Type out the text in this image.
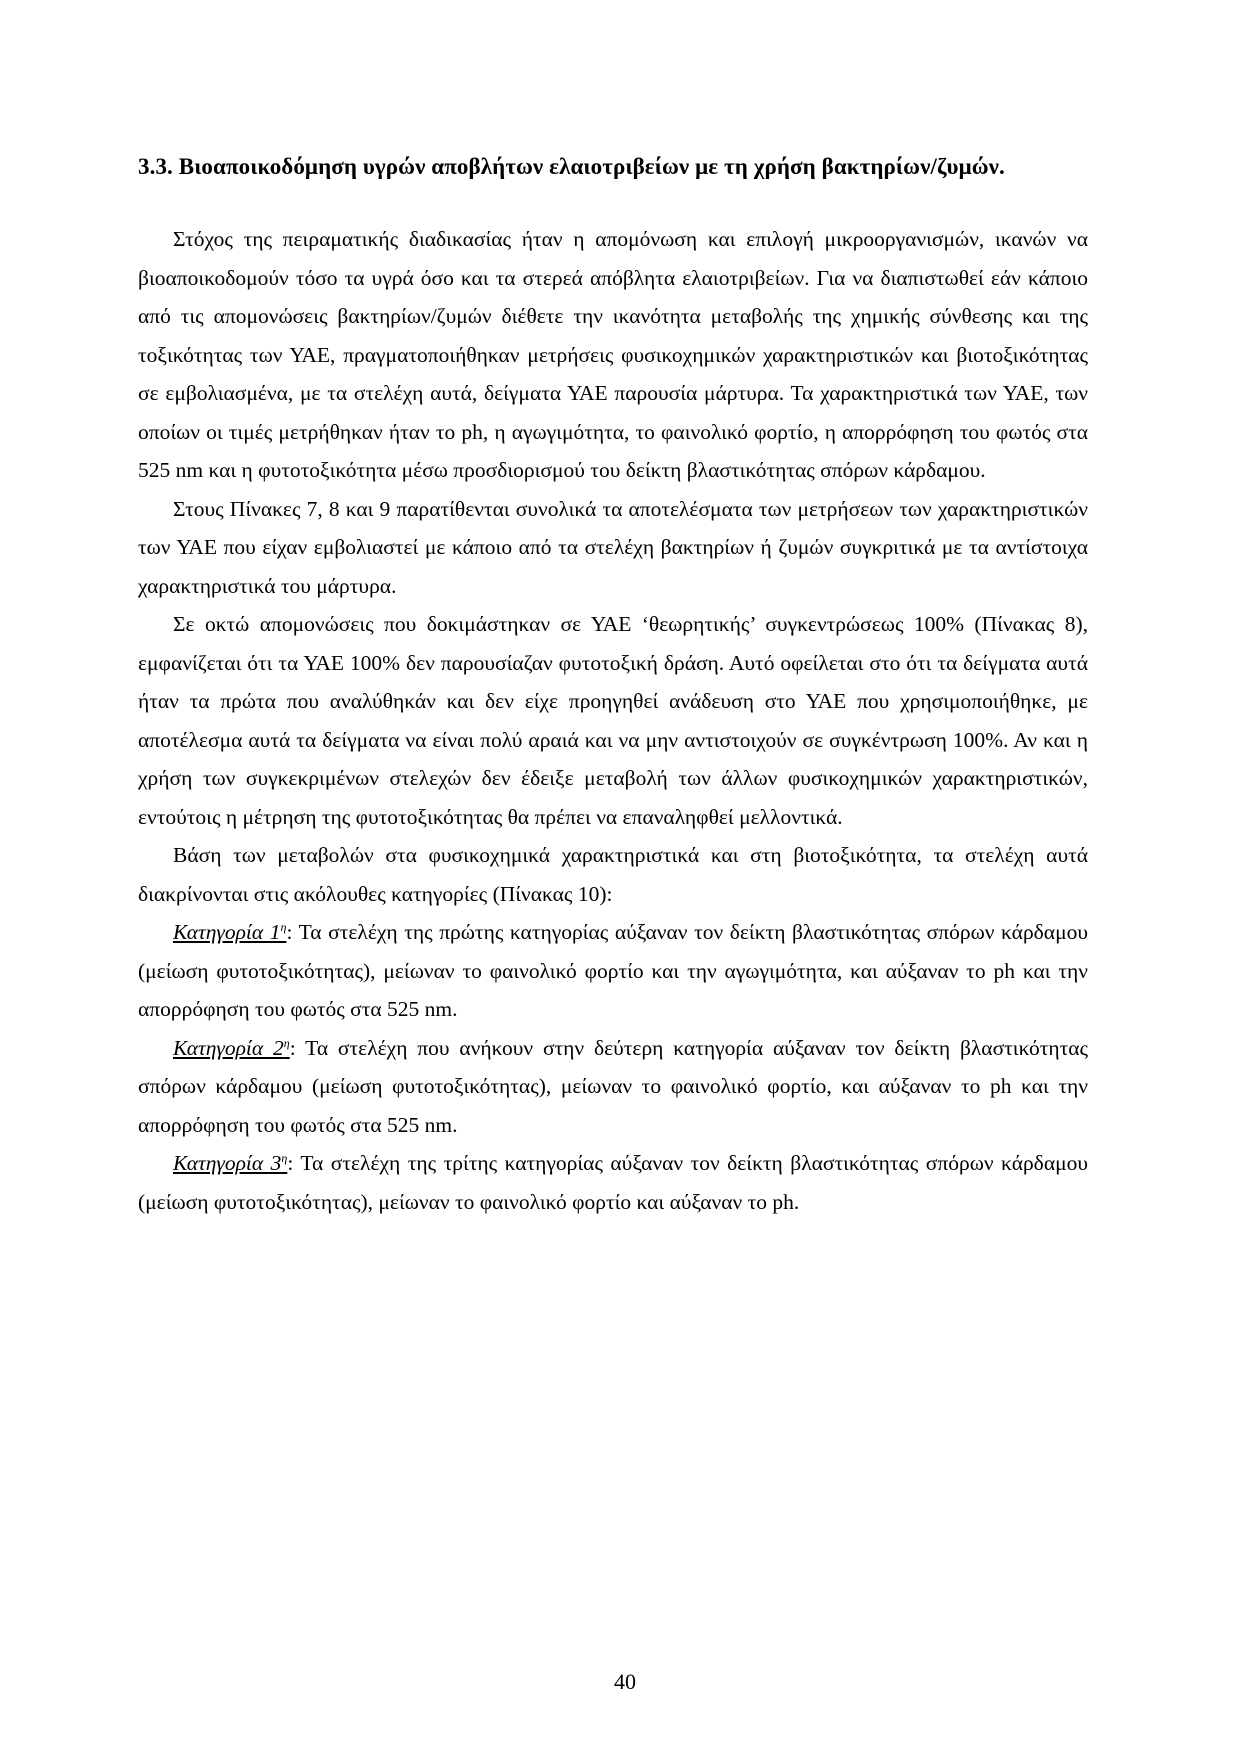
3.3. Βιοαποικοδόμηση υγρών αποβλήτων ελαιοτριβείων με τη χρήση βακτηρίων/ζυμών.

Στόχος της πειραματικής διαδικασίας ήταν η απομόνωση και επιλογή μικροοργανισμών, ικανών να βιοαποικοδομούν τόσο τα υγρά όσο και τα στερεά απόβλητα ελαιοτριβείων. Για να διαπιστωθεί εάν κάποιο από τις απομονώσεις βακτηρίων/ζυμών διέθετε την ικανότητα μεταβολής της χημικής σύνθεσης και της τοξικότητας των ΥΑΕ, πραγματοποιήθηκαν μετρήσεις φυσικοχημικών χαρακτηριστικών και βιοτοξικότητας σε εμβολιασμένα, με τα στελέχη αυτά, δείγματα ΥΑΕ παρουσία μάρτυρα. Τα χαρακτηριστικά των ΥΑΕ, των οποίων οι τιμές μετρήθηκαν ήταν το ph, η αγωγιμότητα, το φαινολικό φορτίο, η απορρόφηση του φωτός στα 525 nm και η φυτοτοξικότητα μέσω προσδιορισμού του δείκτη βλαστικότητας σπόρων κάρδαμου.

Στους Πίνακες 7, 8 και 9 παρατίθενται συνολικά τα αποτελέσματα των μετρήσεων των χαρακτηριστικών των ΥΑΕ που είχαν εμβολιαστεί με κάποιο από τα στελέχη βακτηρίων ή ζυμών συγκριτικά με τα αντίστοιχα χαρακτηριστικά του μάρτυρα.

Σε οκτώ απομονώσεις που δοκιμάστηκαν σε ΥΑΕ ‘θεωρητικής’ συγκεντρώσεως 100% (Πίνακας 8), εμφανίζεται ότι τα ΥΑΕ 100% δεν παρουσίαζαν φυτοτοξική δράση. Αυτό οφείλεται στο ότι τα δείγματα αυτά ήταν τα πρώτα που αναλύθηκάν και δεν είχε προηγηθεί ανάδευση στο ΥΑΕ που χρησιμοποιήθηκε, με αποτέλεσμα αυτά τα δείγματα να είναι πολύ αραιά και να μην αντιστοιχούν σε συγκέντρωση 100%. Αν και η χρήση των συγκεκριμένων στελεχών δεν έδειξε μεταβολή των άλλων φυσικοχημικών χαρακτηριστικών, εντούτοις η μέτρηση της φυτοτοξικότητας θα πρέπει να επαναληφθεί μελλοντικά.

Βάση των μεταβολών στα φυσικοχημικά χαρακτηριστικά και στη βιοτοξικότητα, τα στελέχη αυτά διακρίνονται στις ακόλουθες κατηγορίες (Πίνακας 10):

Κατηγορία $1^\eta$: Τα στελέχη της πρώτης κατηγορίας αύξαναν τον δείκτη βλαστικότητας σπόρων κάρδαμου (μείωση φυτοτοξικότητας), μείωναν το φαινολικό φορτίο και την αγωγιμότητα, και αύξαναν το ph και την απορρόφηση του φωτός στα 525 nm.

Κατηγορία $2^\eta$: Τα στελέχη που ανήκουν στην δεύτερη κατηγορία αύξαναν τον δείκτη βλαστικότητας σπόρων κάρδαμου (μείωση φυτοτοξικότητας), μείωναν το φαινολικό φορτίο, και αύξαναν το ph και την απορρόφηση του φωτός στα 525 nm.

Κατηγορία $3^\eta$: Τα στελέχη της τρίτης κατηγορίας αύξαναν τον δείκτη βλαστικότητας σπόρων κάρδαμου (μείωση φυτοτοξικότητας), μείωναν το φαινολικό φορτίο και αύξαναν το ph.

40
